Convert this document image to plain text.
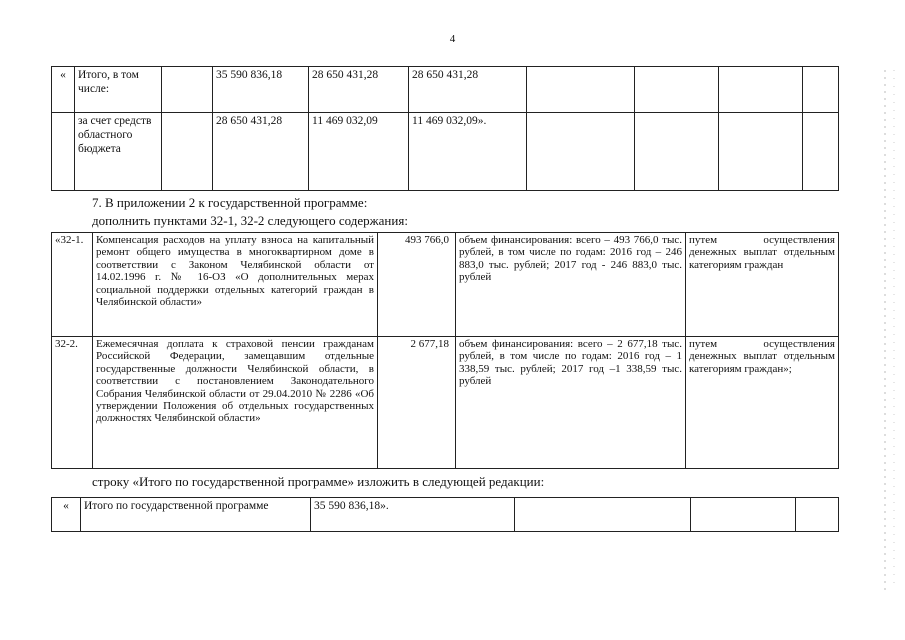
4
«	Итого, в том числе:		35 590 836,18	28 650 431,28	28 650 431,28				
	за счет средств областного бюджета		28 650 431,28	11 469 032,09	11 469 032,09».				
7. В приложении 2 к государственной программе:
дополнить пунктами 32-1, 32-2 следующего содержания:
«32-1.	Компенсация расходов на уплату взноса на капитальный ремонт общего имущества в многоквартирном доме в соответствии с Законом Челябинской области от 14.02.1996 г. № 16-ОЗ «О дополнительных мерах социальной поддержки отдельных категорий граждан в Челябинской области»	493 766,0	объем финансирования: всего – 493 766,0 тыс. рублей, в том числе по годам: 2016 год – 246 883,0 тыс. рублей; 2017 год - 246 883,0 тыс. рублей	путем осуществления денежных выплат отдельным категориям граждан
32-2.	Ежемесячная доплата к страховой пенсии гражданам Российской Федерации, замещавшим отдельные государственные должности Челябинской области, в соответствии с постановлением Законодательного Собрания Челябинской области от 29.04.2010 № 2286 «Об утверждении Положения об отдельных государственных должностях Челябинской области»	2 677,18	объем финансирования: всего – 2 677,18 тыс. рублей, в том числе по годам: 2016 год – 1 338,59 тыс. рублей; 2017 год –1 338,59 тыс. рублей	путем осуществления денежных выплат отдельным категориям граждан»;
строку «Итого по государственной программе» изложить в следующей редакции:
«	Итого по государственной программе	35 590 836,18».			
